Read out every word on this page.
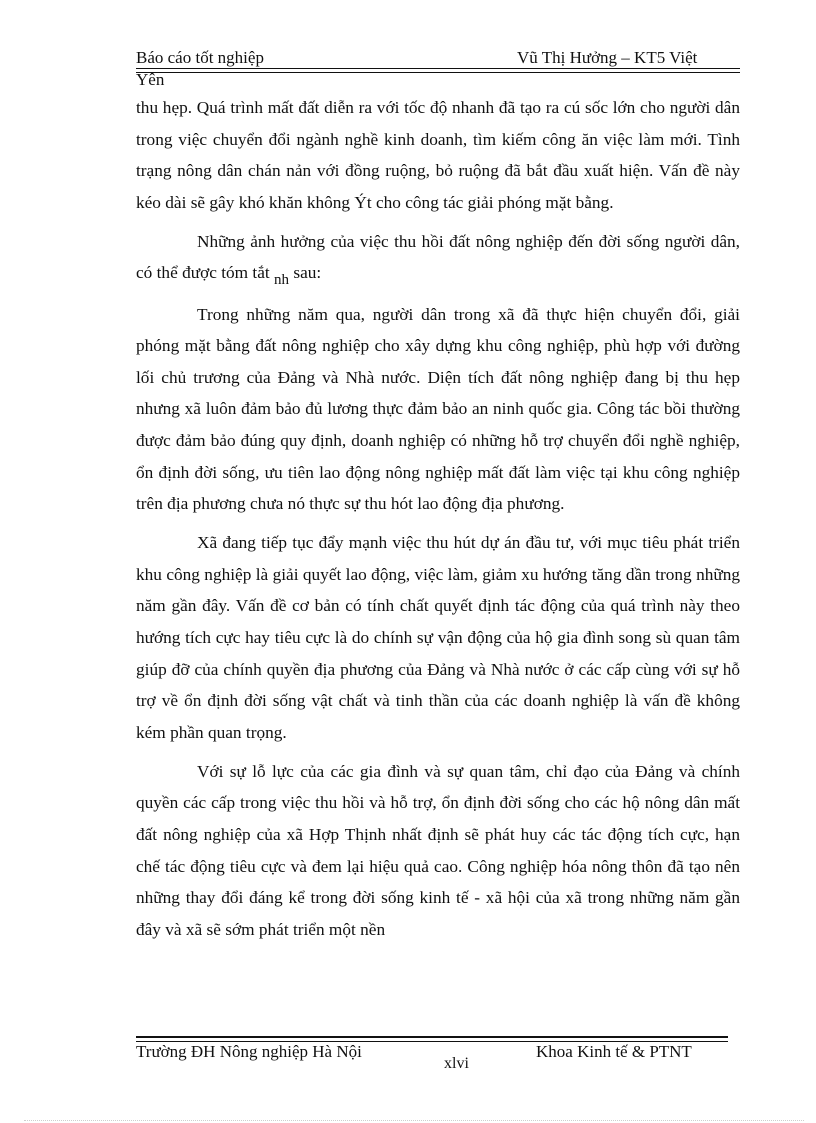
Báo cáo tốt nghiệp	Vũ Thị Hưởng – KT5 Việt
Yên

thu hẹp. Quá trình mất đất diễn ra với tốc độ nhanh đã tạo ra cú sốc lớn cho người dân trong việc chuyển đổi ngành nghề kinh doanh, tìm kiếm công ăn việc làm mới. Tình trạng nông dân chán nản với đồng ruộng, bỏ ruộng đã bắt đầu xuất hiện. Vấn đề này kéo dài sẽ gây khó khăn không Ýt cho công tác giải phóng mặt bằng.

Những ảnh hưởng của việc thu hồi đất nông nghiệp đến đời sống người dân, có thể được tóm tắt nh sau:

Trong những năm qua, người dân trong xã đã thực hiện chuyển đổi, giải phóng mặt bằng đất nông nghiệp cho xây dựng khu công nghiệp, phù hợp với đường lối chủ trương của Đảng và Nhà nước. Diện tích đất nông nghiệp đang bị thu hẹp nhưng xã luôn đảm bảo đủ lương thực đảm bảo an ninh quốc gia. Công tác bồi thường được đảm bảo đúng quy định, doanh nghiệp có những hỗ trợ chuyển đổi nghề nghiệp, ổn định đời sống, ưu tiên lao động nông nghiệp mất đất làm việc tại khu công nghiệp trên địa phương chưa nó thực sự thu hót lao động địa phương.

Xã đang tiếp tục đẩy mạnh việc thu hút dự án đầu tư, với mục tiêu phát triển khu công nghiệp là giải quyết lao động, việc làm, giảm xu hướng tăng dần trong những năm gần đây. Vấn đề cơ bản có tính chất quyết định tác động của quá trình này theo hướng tích cực hay tiêu cực là do chính sự vận động của hộ gia đình song sù quan tâm giúp đỡ của chính quyền địa phương của Đảng và Nhà nước ở các cấp cùng với sự hỗ trợ về ổn định đời sống vật chất và tinh thần của các doanh nghiệp là vấn đề không kém phần quan trọng.

Với sự lỗ lực của các gia đình và sự quan tâm, chỉ đạo của Đảng và chính quyền các cấp trong việc thu hồi và hỗ trợ, ổn định đời sống cho các hộ nông dân mất đất nông nghiệp của xã Hợp Thịnh nhất định sẽ phát huy các tác động tích cực, hạn chế tác động tiêu cực và đem lại hiệu quả cao. Công nghiệp hóa nông thôn đã tạo nên những thay đổi đáng kể trong đời sống kinh tế - xã hội của xã trong những năm gần đây và xã sẽ sớm phát triển một nền

Trường ĐH Nông nghiệp Hà Nội
xlvi
Khoa Kinh tế & PTNT
